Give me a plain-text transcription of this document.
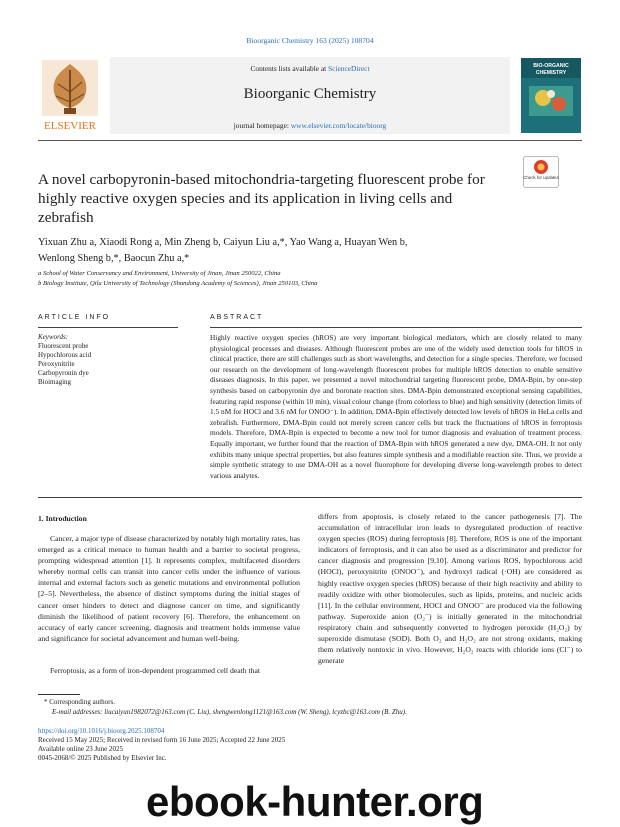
Bioorganic Chemistry 163 (2025) 108704
ELSEVIER
Contents lists available at ScienceDirect
Bioorganic Chemistry
journal homepage: www.elsevier.com/locate/bioorg
BIO-ORGANIC
CHEMISTRY
A novel carbopyronin-based mitochondria-targeting fluorescent probe for highly reactive oxygen species and its application in living cells and zebrafish
Check for updates
Yixuan Zhu a, Xiaodi Rong a, Min Zheng b, Caiyun Liu a,*, Yao Wang a, Huayan Wen b,
Wenlong Sheng b,*, Baocun Zhu a,*
a School of Water Conservancy and Environment, University of Jinan, Jinan 250022, China
b Biology Institute, Qilu University of Technology (Shandong Academy of Sciences), Jinan 250103, China
ARTICLE INFO	ABSTRACT
Keywords:
Fluorescent probe
Hypochlorous acid
Peroxynitrite
Carbopyronin dye
Bioimaging
Highly reactive oxygen species (hROS) are very important biological mediators, which are closely related to many physiological processes and diseases. Although fluorescent probes are one of the widely used detection tools for hROS in clinical practice, there are still challenges such as short wavelengths, and detection for a single species. Therefore, we focused our research on the development of long-wavelength fluorescent probes for multiple hROS detection to enable sensitive diseases diagnosis. In this paper, we presented a novel mitochondrial targeting fluorescent probe, DMA-Bpin, by one-step synthesis based on carbopyronin dye and boronate reaction sites. DMA-Bpin demonstrated exceptional sensing capabilities, featuring rapid response (within 10 min), visual colour change (from colorless to blue) and high sensitivity (detection limits of 1.5 nM for HOCl and 3.6 nM for ONOO⁻). In addition, DMA-Bpin effectively detected low levels of hROS in HeLa cells and zebrafish. Furthermore, DMA-Bpin could not merely screen cancer cells but track the fluctuations of hROS in ferroptosis models. Therefore, DMA-Bpin is expected to become a new tool for tumor diagnosis and evaluation of treatment process. Equally important, we further found that the reaction of DMA-Bpin with hROS generated a new dye, DMA-OH. It not only exhibits many unique spectral properties, but also features simple synthesis and a modifiable reaction site. Thus, we provide a simple synthetic strategy to use DMA-OH as a novel fluorophore for developing diverse long-wavelength probes to detect various analytes.
1. Introduction
Cancer, a major type of disease characterized by notably high mortality rates, has emerged as a critical menace to human health and a barrier to societal progress, prompting widespread attention [1]. It represents complex, multifaceted disorders whereby normal cells can transit into cancer cells under the influence of various internal and external factors such as genetic mutations and environmental pollution [2–5]. Nevertheless, the absence of distinct symptoms during the initial stages of cancer onset hinders to detect and diagnose cancer on time, and significantly diminish the likelihood of patient recovery [6]. Therefore, the enhancement on accuracy of early cancer screening, diagnosis and treatment holds immense value and significance for societal advancement and human well-being.
Ferroptosis, as a form of iron-dependent programmed cell death that
differs from apoptosis, is closely related to the cancer pathogenesis [7]. The accumulation of intracellular iron leads to dysregulated production of reactive oxygen species (ROS) during ferroptosis [8]. Therefore, ROS is one of the important indicators of ferroptosis, and it can also be used as a discriminator and predictor for cancer diagnosis and progression [9,10]. Among various ROS, hypochlorous acid (HOCl), peroxynitrite (ONOO⁻), and hydroxyl radical (·OH) are considered as highly reactive oxygen species (hROS) because of their high reactivity and ability to readily oxidize with other biomolecules, such as lipids, proteins, and nucleic acids [11]. In the cellular environment, HOCl and ONOO⁻ are produced via the following pathway. Superoxide anion (O₂⁻) is initially generated in the mitochondrial respiratory chain and subsequently converted to hydrogen peroxide (H₂O₂) by superoxide dismutase (SOD). Both O₂ and H₂O₂ are not strong oxidants, making them relatively nontoxic in vivo. However, H₂O₂ reacts with chloride ions (Cl⁻) to generate
* Corresponding authors.
E-mail addresses: liucaiyun1982072@163.com (C. Liu), shengwenlong1121@163.com (W. Sheng), lcyzbc@163.com (B. Zhu).
https://doi.org/10.1016/j.bioorg.2025.108704
Received 15 May 2025; Received in revised form 16 June 2025; Accepted 22 June 2025
Available online 23 June 2025
0045-2068/© 2025 Published by Elsevier Inc.
ebook-hunter.org
